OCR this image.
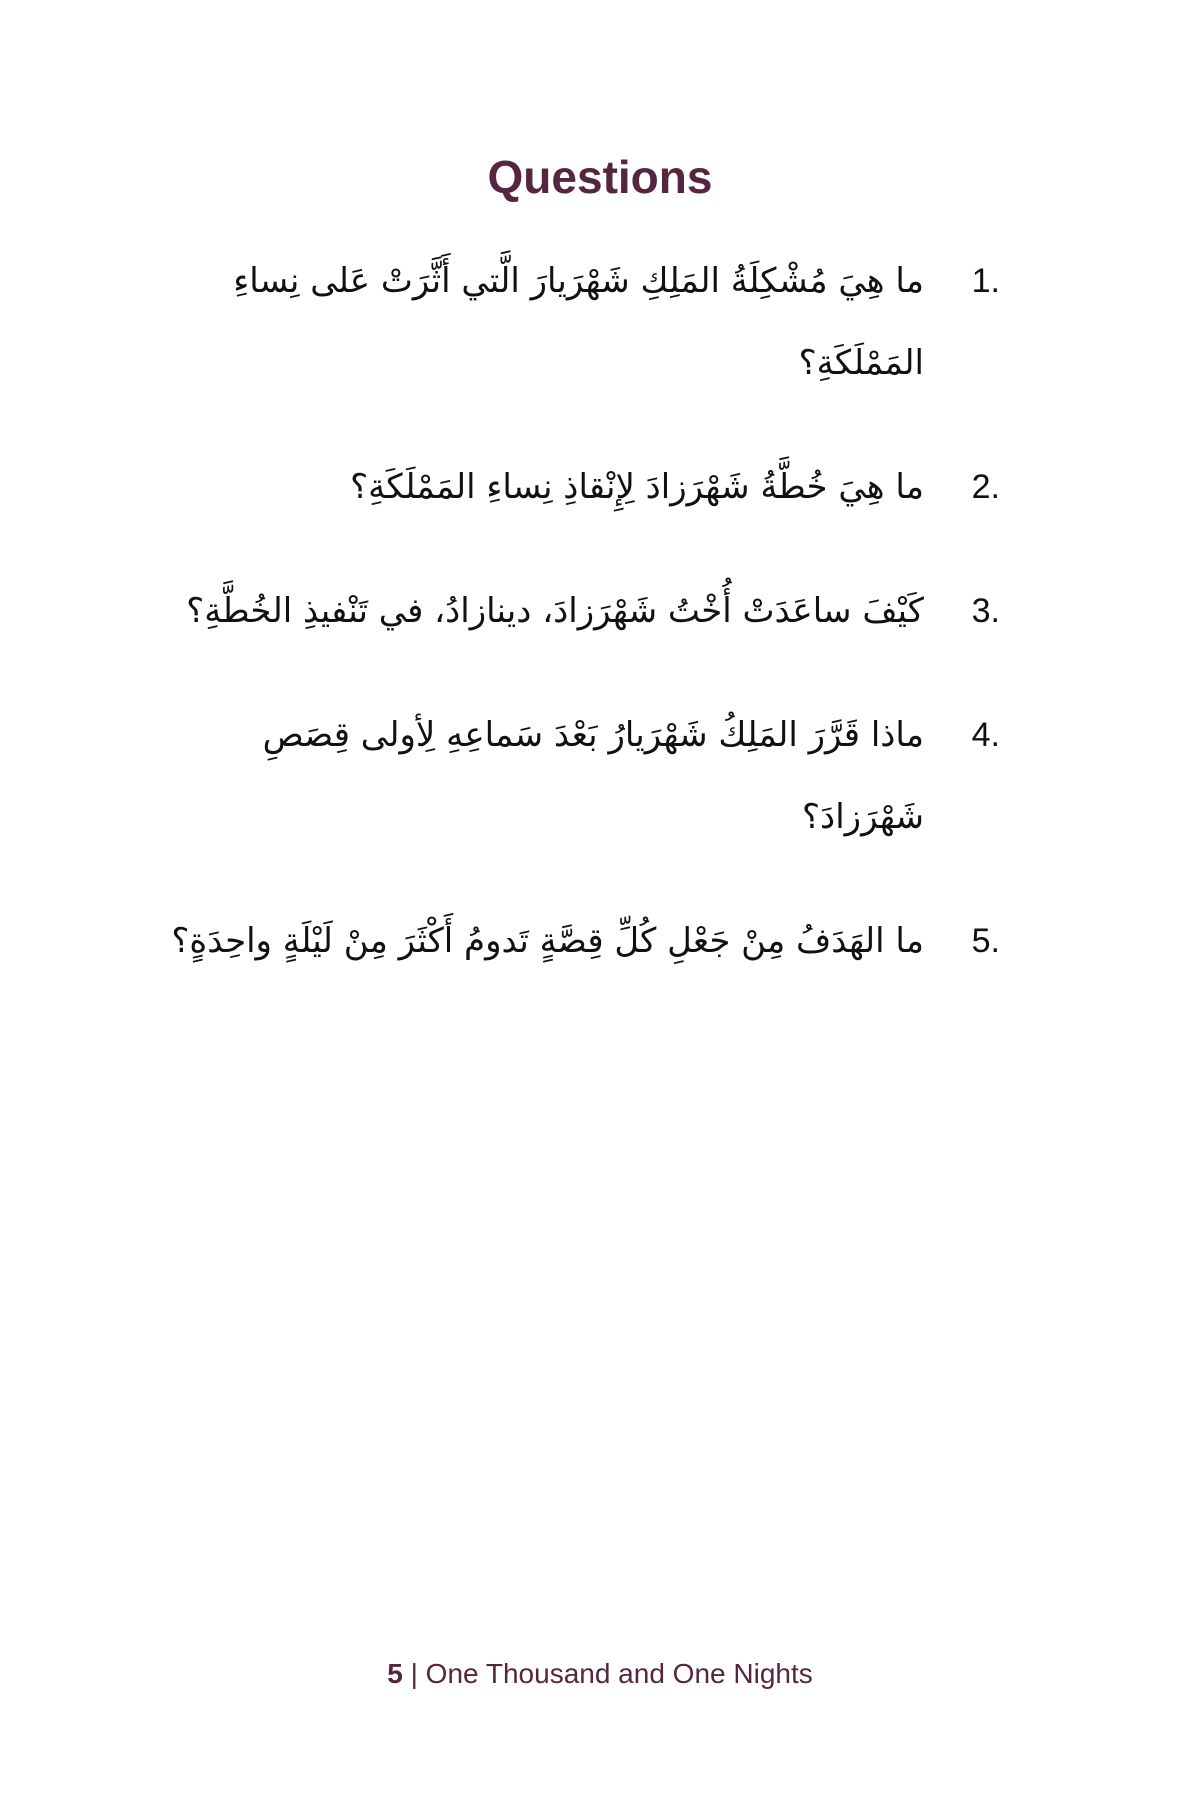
Questions
1.
ما هِيَ مُشْكِلَةُ المَلِكِ شَهْرَيارَ الَّتي أَثَّرَتْ عَلى نِساءِ المَمْلَكَةِ؟
2.
ما هِيَ خُطَّةُ شَهْرَزادَ لِإِنْقاذِ نِساءِ المَمْلَكَةِ؟
3.
كَيْفَ ساعَدَتْ أُخْتُ شَهْرَزادَ، دينازادُ، في تَنْفيذِ الخُطَّةِ؟
4.
ماذا قَرَّرَ المَلِكُ شَهْرَيارُ بَعْدَ سَماعِهِ لِأولى قِصَصِ شَهْرَزادَ؟
5.
ما الهَدَفُ مِنْ جَعْلِ كُلِّ قِصَّةٍ تَدومُ أَكْثَرَ مِنْ لَيْلَةٍ واحِدَةٍ؟
5 | One Thousand and One Nights
